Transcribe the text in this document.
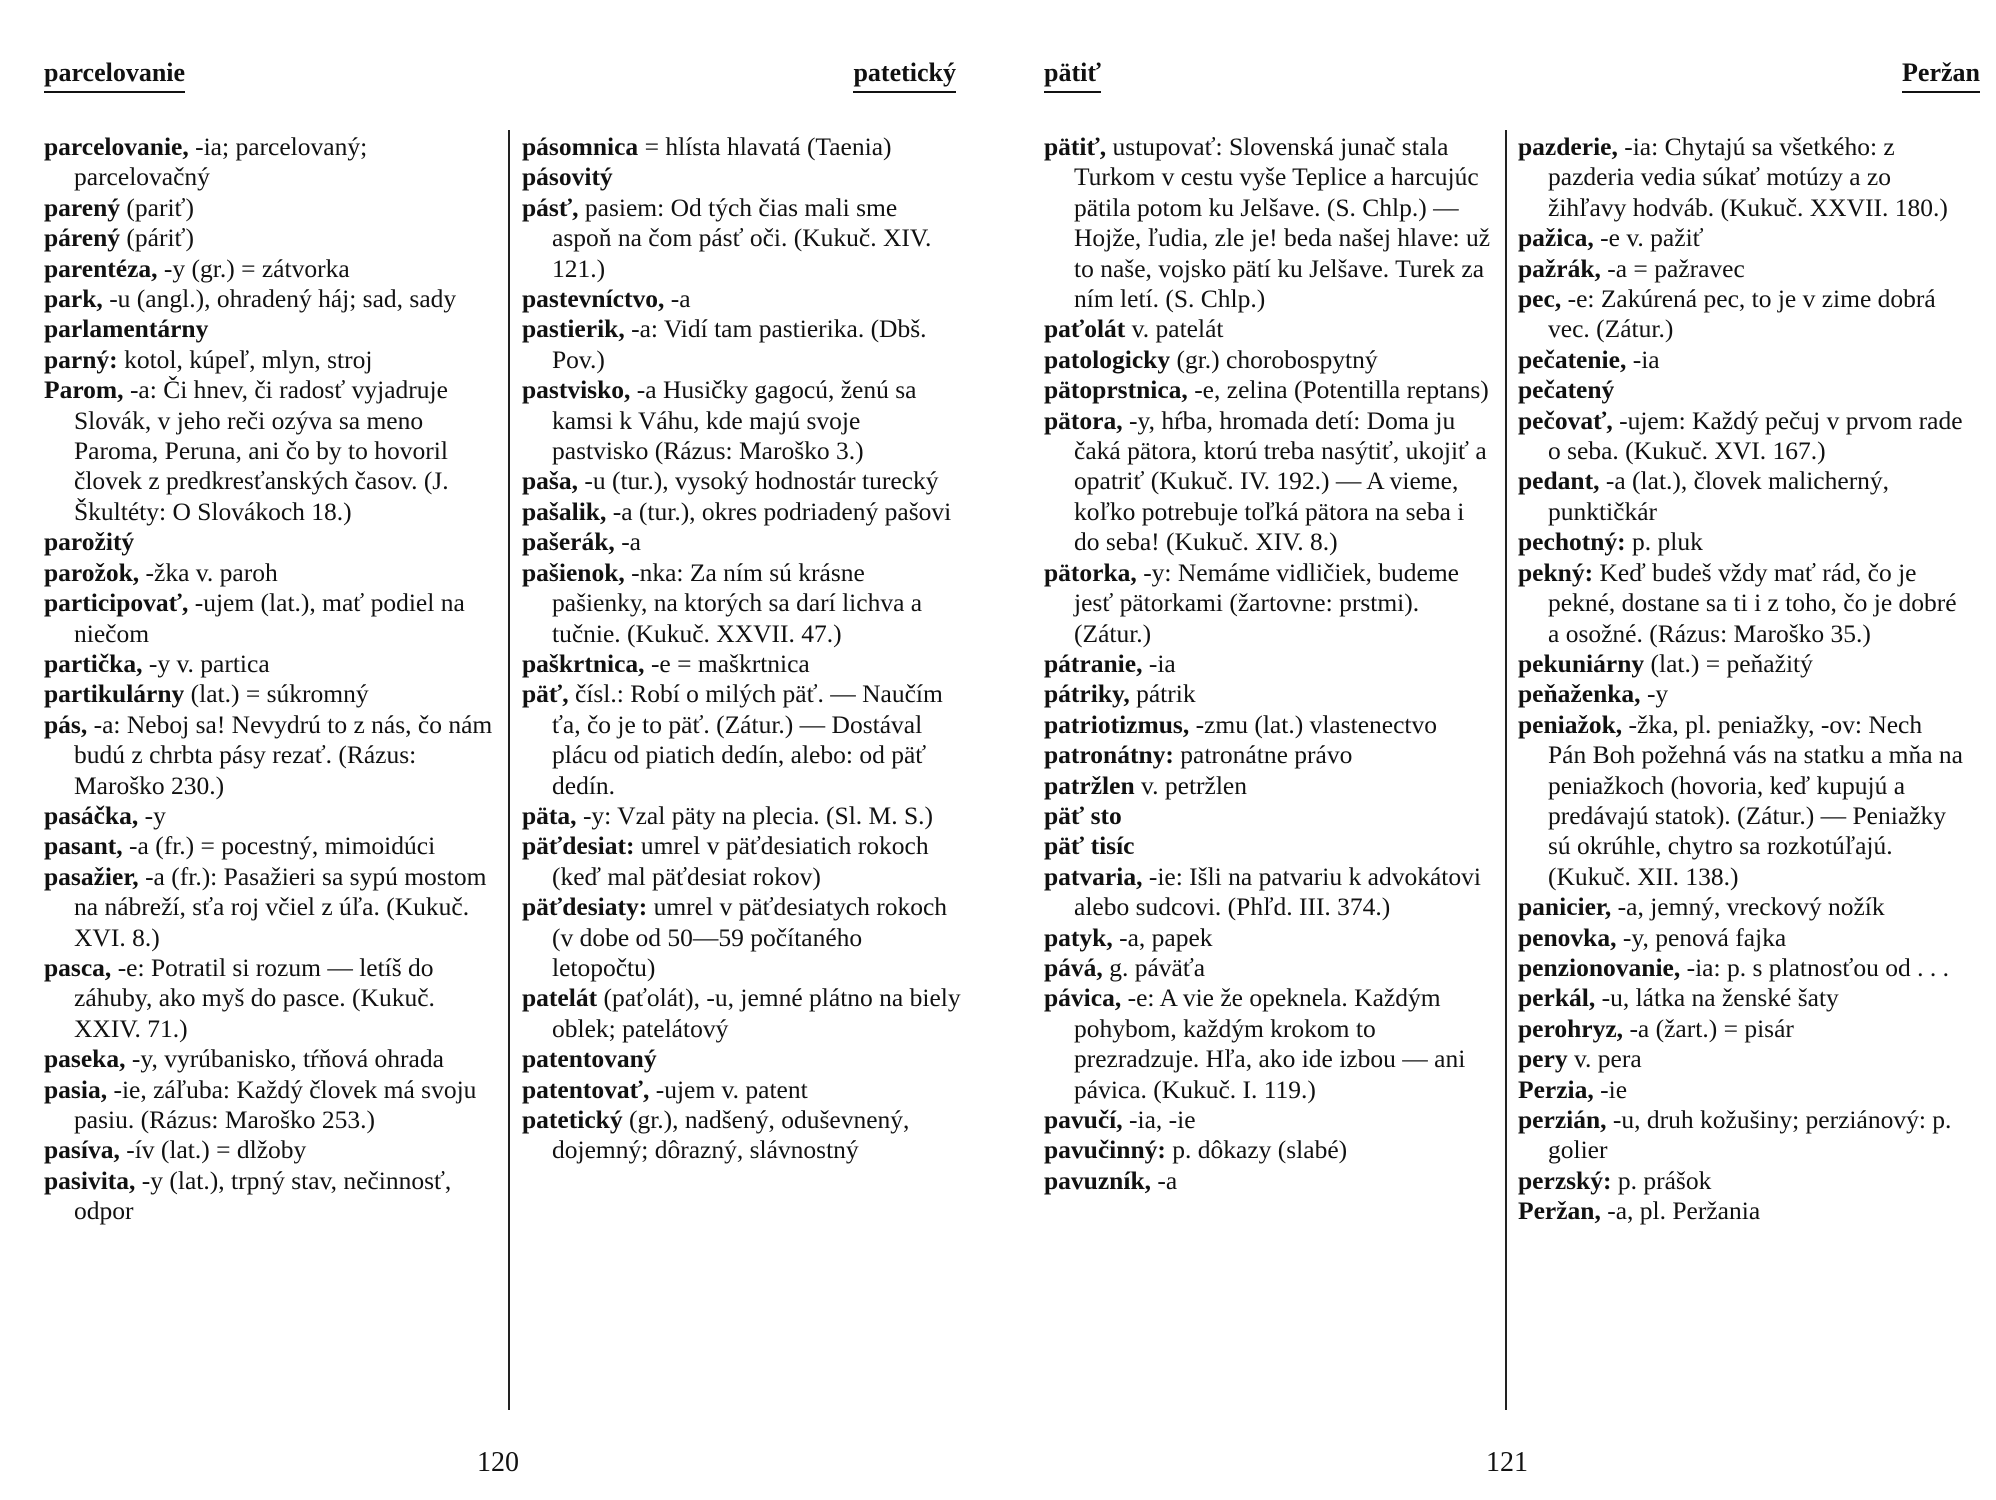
parcelovanie	patetický

parcelovanie, -ia; parcelovaný; parcelovačný

parený (pariť)

párený (páriť)

parentéza, -y (gr.) = zátvorka

park, -u (angl.), ohradený háj; sad, sady

parlamentárny

parný: kotol, kúpeľ, mlyn, stroj

Parom, -a: Či hnev, či radosť vyjadruje Slovák, v jeho reči ozýva sa meno Paroma, Peruna, ani čo by to hovoril človek z predkresťanských časov. (J. Škultéty: O Slovákoch 18.)

parožitý

parožok, -žka v. paroh

participovať, -ujem (lat.), mať podiel na niečom

partička, -y v. partica

partikulárny (lat.) = súkromný

pás, -a: Neboj sa! Nevydrú to z nás, čo nám budú z chrbta pásy rezať. (Rázus: Maroško 230.)

pasáčka, -y

pasant, -a (fr.) = pocestný, mimoidúci

pasažier, -a (fr.): Pasažieri sa sypú mostom na nábreží, sťa roj včiel z úľa. (Kukuč. XVI. 8.)

pasca, -e: Potratil si rozum — letíš do záhuby, ako myš do pasce. (Kukuč. XXIV. 71.)

paseka, -y, vyrúbanisko, tŕňová ohrada

pasia, -ie, záľuba: Každý človek má svoju pasiu. (Rázus: Maroško 253.)

pasíva, -ív (lat.) = dlžoby

pasivita, -y (lat.), trpný stav, nečinnosť, odpor

pásomnica = hlísta hlavatá (Taenia)

pásovitý

pásť, pasiem: Od tých čias mali sme aspoň na čom pásť oči. (Kukuč. XIV. 121.)

pastevníctvo, -a

pastierik, -a: Vidí tam pastierika. (Dbš. Pov.)

pastvisko, -a Husičky gagocú, ženú sa kamsi k Váhu, kde majú svoje pastvisko (Rázus: Maroško 3.)

paša, -u (tur.), vysoký hodnostár turecký

pašalik, -a (tur.), okres podriadený pašovi

pašerák, -a

pašienok, -nka: Za ním sú krásne pašienky, na ktorých sa darí lichva a tučnie. (Kukuč. XXVII. 47.)

paškrtnica, -e = maškrtnica

päť, čísl.: Robí o milých päť. — Naučím ťa, čo je to päť. (Zátur.) — Dostával plácu od piatich dedín, alebo: od päť dedín.

päta, -y: Vzal päty na plecia. (Sl. M. S.)

päťdesiat: umrel v päťdesiatich rokoch (keď mal päťdesiat rokov)

päťdesiaty: umrel v päťdesiatych rokoch (v dobe od 50—59 počítaného letopočtu)

patelát (paťolát), -u, jemné plátno na biely oblek; patelátový

patentovaný

patentovať, -ujem v. patent

patetický (gr.), nadšený, oduševnený, dojemný; dôrazný, slávnostný

120
pätiť	Peržan

pätiť, ustupovať: Slovenská junač stala Turkom v cestu vyše Teplice a harcujúc pätila potom ku Jelšave. (S. Chlp.) — Hojže, ľudia, zle je! beda našej hlave: už to naše, vojsko pätí ku Jelšave. Turek za ním letí. (S. Chlp.)

paťolát v. patelát

patologicky (gr.) chorobospytný

pätoprstnica, -e, zelina (Potentilla reptans)

pätora, -y, hŕba, hromada detí: Doma ju čaká pätora, ktorú treba nasýtiť, ukojiť a opatriť (Kukuč. IV. 192.) — A vieme, koľko potrebuje toľká pätora na seba i do seba! (Kukuč. XIV. 8.)

pätorka, -y: Nemáme vidličiek, budeme jesť pätorkami (žartovne: prstmi). (Zátur.)

pátranie, -ia

pátriky, pátrik

patriotizmus, -zmu (lat.) vlastenectvo

patronátny: patronátne právo

patržlen v. petržlen

päť sto

päť tisíc

patvaria, -ie: Išli na patvariu k advokátovi alebo sudcovi. (Phľd. III. 374.)

patyk, -a, papek

pává, g. páväťa

pávica, -e: A vie že opeknela. Každým pohybom, každým krokom to prezradzuje. Hľa, ako ide izbou — ani pávica. (Kukuč. I. 119.)

pavučí, -ia, -ie

pavučinný: p. dôkazy (slabé)

pavuzník, -a

pazderie, -ia: Chytajú sa všetkého: z pazderia vedia súkať motúzy a zo žihľavy hodváb. (Kukuč. XXVII. 180.)

pažica, -e v. pažiť

pažrák, -a = pažravec

pec, -e: Zakúrená pec, to je v zime dobrá vec. (Zátur.)

pečatenie, -ia

pečatený

pečovať, -ujem: Každý pečuj v prvom rade o seba. (Kukuč. XVI. 167.)

pedant, -a (lat.), človek malicherný, punktičkár

pechotný: p. pluk

pekný: Keď budeš vždy mať rád, čo je pekné, dostane sa ti i z toho, čo je dobré a osožné. (Rázus: Maroško 35.)

pekuniárny (lat.) = peňažitý

peňaženka, -y

peniažok, -žka, pl. peniažky, -ov: Nech Pán Boh požehná vás na statku a mňa na peniažkoch (hovoria, keď kupujú a predávajú statok). (Zátur.) — Peniažky sú okrúhle, chytro sa rozkotúľajú. (Kukuč. XII. 138.)

panicier, -a, jemný, vreckový nožík

penovka, -y, penová fajka

penzionovanie, -ia: p. s platnosťou od . . .

perkál, -u, látka na ženské šaty

perohryz, -a (žart.) = pisár

pery v. pera

Perzia, -ie

perzián, -u, druh kožušiny; perziánový: p. golier

perzský: p. prášok

Peržan, -a, pl. Peržania

121
